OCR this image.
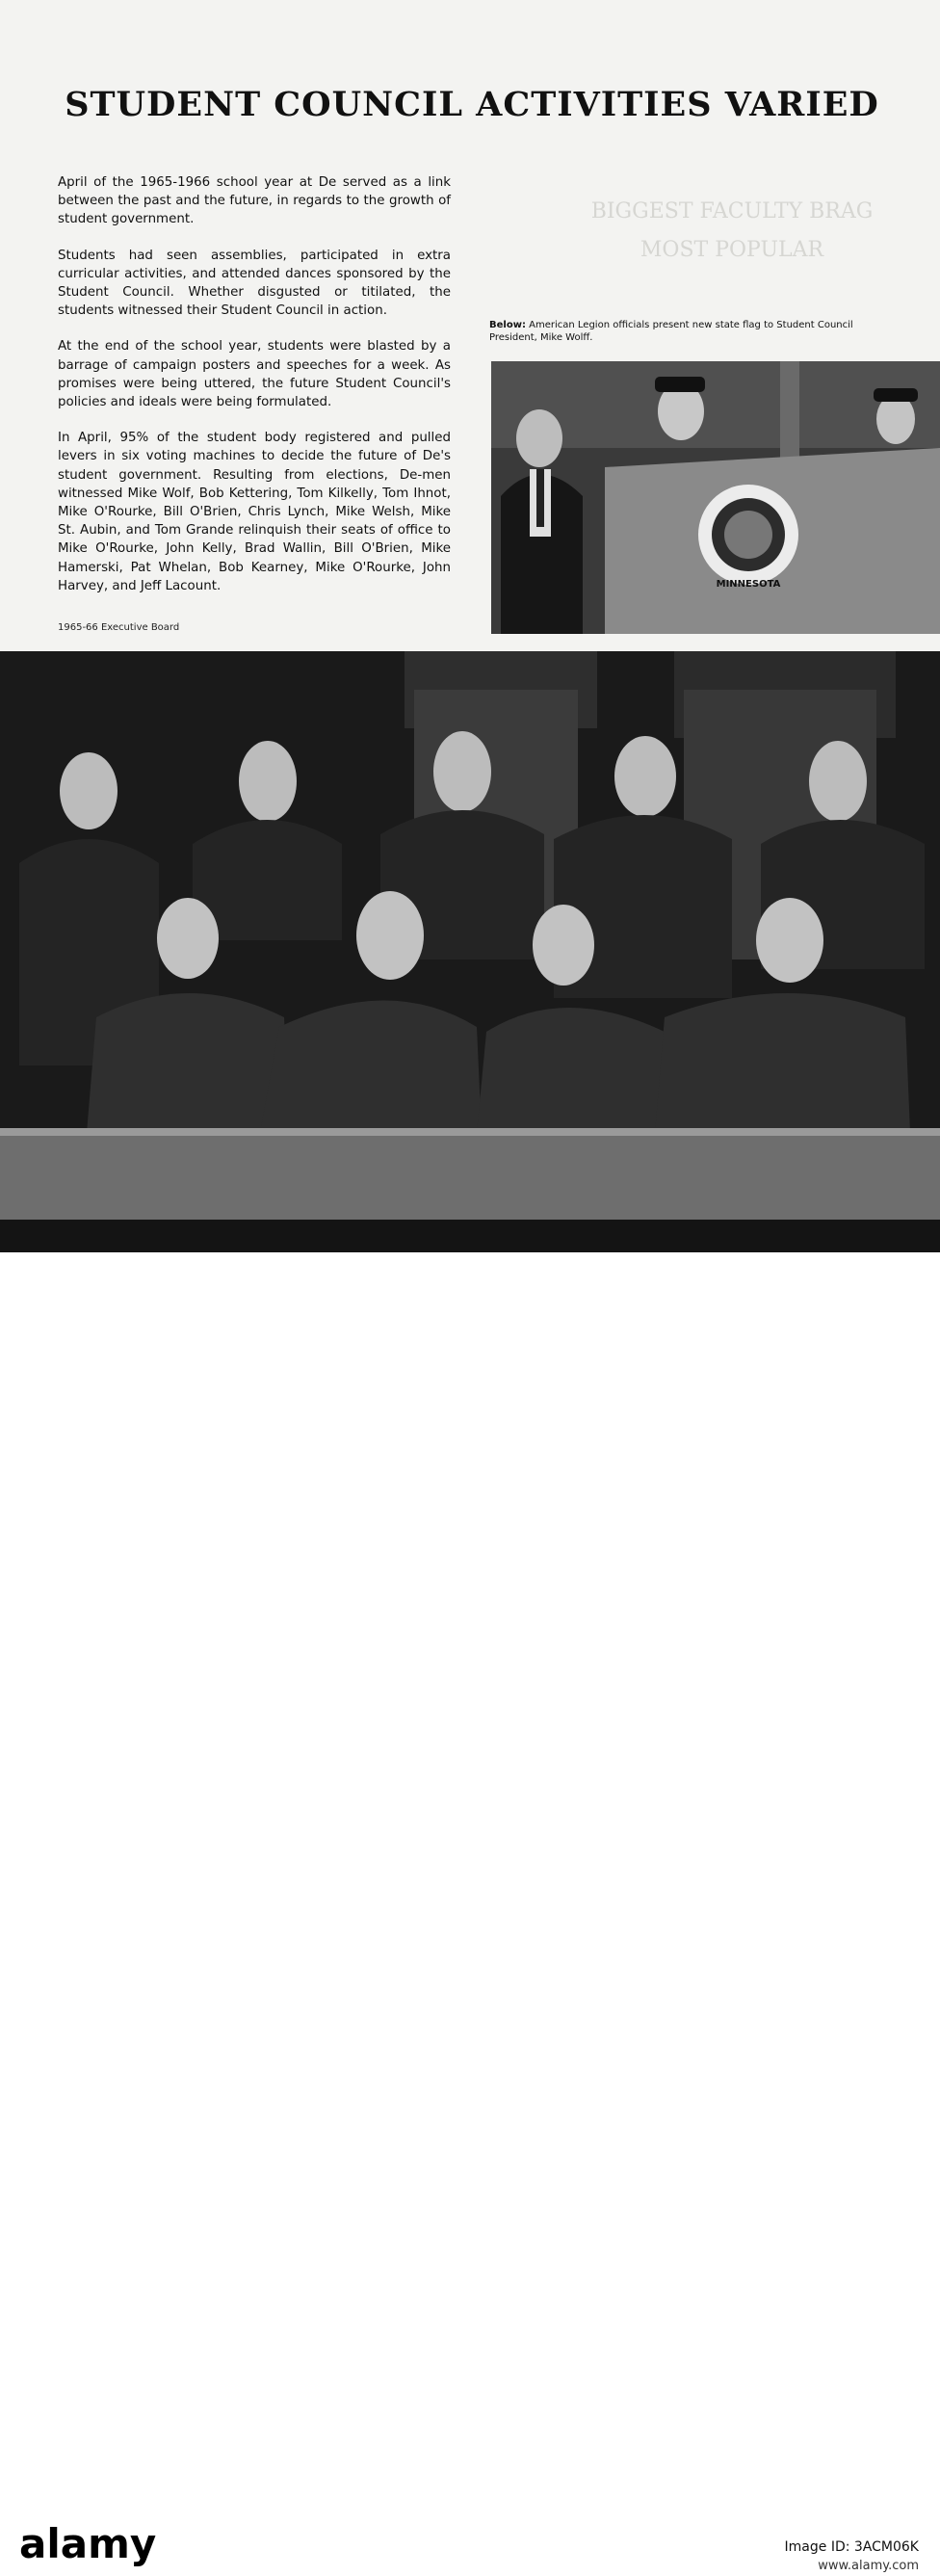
BIGGEST FACULTY BRAG
MOST POPULAR
STUDENT COUNCIL ACTIVITIES VARIED

April of the 1965-1966 school year at De served as a link between the past and the future, in regards to the growth of student government.

Students had seen assemblies, participated in extra curricular activities, and attended dances sponsored by the Student Council. Whether disgusted or titilated, the students witnessed their Student Council in action.

At the end of the school year, students were blasted by a barrage of campaign posters and speeches for a week. As promises were being uttered, the future Student Council's policies and ideals were being formulated.

In April, 95% of the student body registered and pulled levers in six voting machines to decide the future of De's student government. Resulting from elections, De-men witnessed Mike Wolf, Bob Kettering, Tom Kilkelly, Tom Ihnot, Mike O'Rourke, Bill O'Brien, Chris Lynch, Mike Welsh, Mike St. Aubin, and Tom Grande relinquish their seats of office to Mike O'Rourke, John Kelly, Brad Wallin, Bill O'Brien, Mike Hamerski, Pat Whelan, Bob Kearney, Mike O'Rourke, John Harvey, and Jeff Lacount.

Below: American Legion officials present new state flag to Student Council President, Mike Wolff.
MINNESOTA
1965-66 Executive Board
alamy	Image ID: 3ACM06K
www.alamy.com
